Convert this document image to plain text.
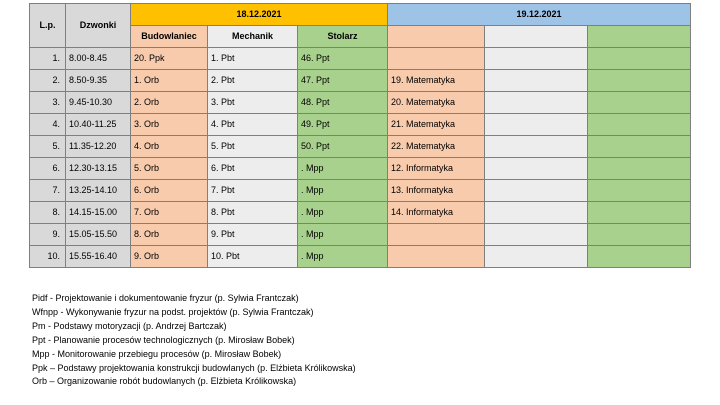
L.p.	Dzwonki	18.12.2021			19.12.2021		
		Budowlaniec	Mechanik	Stolarz			
1.	8.00-8.45	20. Ppk	1. Pbt	46. Ppt			
2.	8.50-9.35	1. Orb	2. Pbt	47. Ppt	19. Matematyka		
3.	9.45-10.30	2. Orb	3. Pbt	48. Ppt	20. Matematyka		
4.	10.40-11.25	3. Orb	4. Pbt	49. Ppt	21. Matematyka		
5.	11.35-12.20	4. Orb	5. Pbt	50. Ppt	22. Matematyka		
6.	12.30-13.15	5. Orb	6. Pbt	. Mpp	12. Informatyka		
7.	13.25-14.10	6. Orb	7. Pbt	. Mpp	13. Informatyka		
8.	14.15-15.00	7. Orb	8. Pbt	. Mpp	14. Informatyka		
9.	15.05-15.50	8. Orb	9. Pbt	. Mpp			
10.	15.55-16.40	9. Orb	10. Pbt	. Mpp			
Pidf - Projektowanie i dokumentowanie fryzur (p. Sylwia Frantczak)
Wfnpp - Wykonywanie fryzur na podst. projektów (p. Sylwia Frantczak)
Pm - Podstawy motoryzacji (p. Andrzej Bartczak)
Ppt - Planowanie procesów technologicznych (p. Mirosław Bobek)
Mpp - Monitorowanie przebiegu procesów (p. Mirosław Bobek)
Ppk – Podstawy projektowania konstrukcji budowlanych (p. Elżbieta Królikowska)
Orb – Organizowanie robót budowlanych (p. Elżbieta Królikowska)
